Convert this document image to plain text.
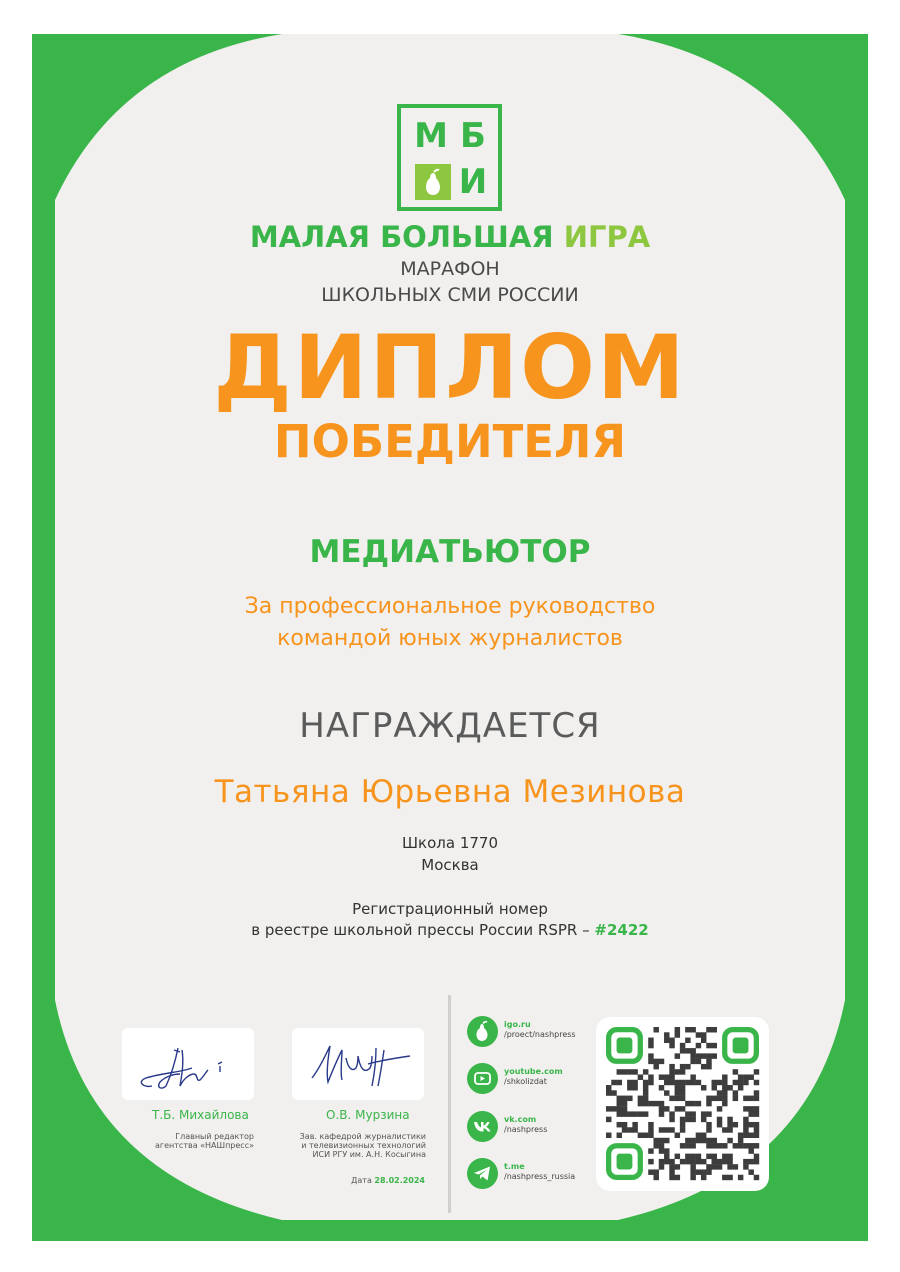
М Б
И
МАЛАЯ БОЛЬШАЯ ИГРА
МАРАФОН
ШКОЛЬНЫХ СМИ РОССИИ
ДИПЛОМ
ПОБЕДИТЕЛЯ
МЕДИАТЬЮТОР
За профессиональное руководство
командой юных журналистов
НАГРАЖДАЕТСЯ
Татьяна Юрьевна Мезинова
Школа 1770
Москва
Регистрационный номер
в реестре школьной прессы России RSPR – #2422
Т.Б. Михайлова
Главный редактор
агентства «НАШпресс»
О.В. Мурзина
Зав. кафедрой журналистики
и телевизионных технологий
ИСИ РГУ им. А.Н. Косыгина
Дата 28.02.2024
igo.ru
/proect/nashpress
youtube.com
/shkolizdat
vk.com
/nashpress
t.me
/nashpress_russia
